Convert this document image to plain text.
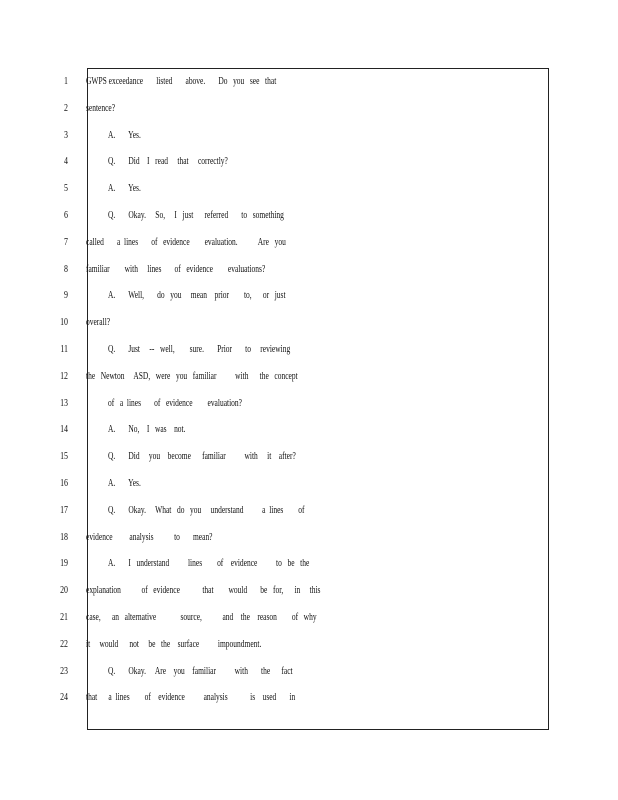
1 GWPS exceedance       listed       above.       Do   you   see   that
2 sentence?
3	A.       Yes.
4	Q.       Did    I   read     that     correctly?
5	A.       Yes.
6	Q.       Okay.     So,     I   just      referred       to   something
7 called       a  lines       of   evidence        evaluation.           Are   you
8 familiar        with     lines       of   evidence        evaluations?
9	A.       Well,       do   you     mean    prior        to,      or   just
10 overall?
11	Q.       Just     --   well,        sure.       Prior       to     reviewing
12 the   Newton     ASD,   were   you   familiar          with      the   concept
13	of   a  lines       of   evidence        evaluation?
14	A.       No,    I   was    not.
15	Q.       Did     you    become      familiar          with     it    after?
16	A.       Yes.
17	Q.       Okay.     What   do   you     understand          a  lines        of
18 evidence         analysis           to       mean?
19	A.       I   understand          lines        of    evidence          to   be   the
20 explanation           of   evidence            that        would       be   for,      in     this
21 case,      an   alternative             source,           and    the    reason        of   why
22 it     would      not     be   the    surface          impoundment.
23	Q.       Okay.     Are    you    familiar          with       the      fact
24 that      a  lines        of    evidence          analysis            is    used       in
